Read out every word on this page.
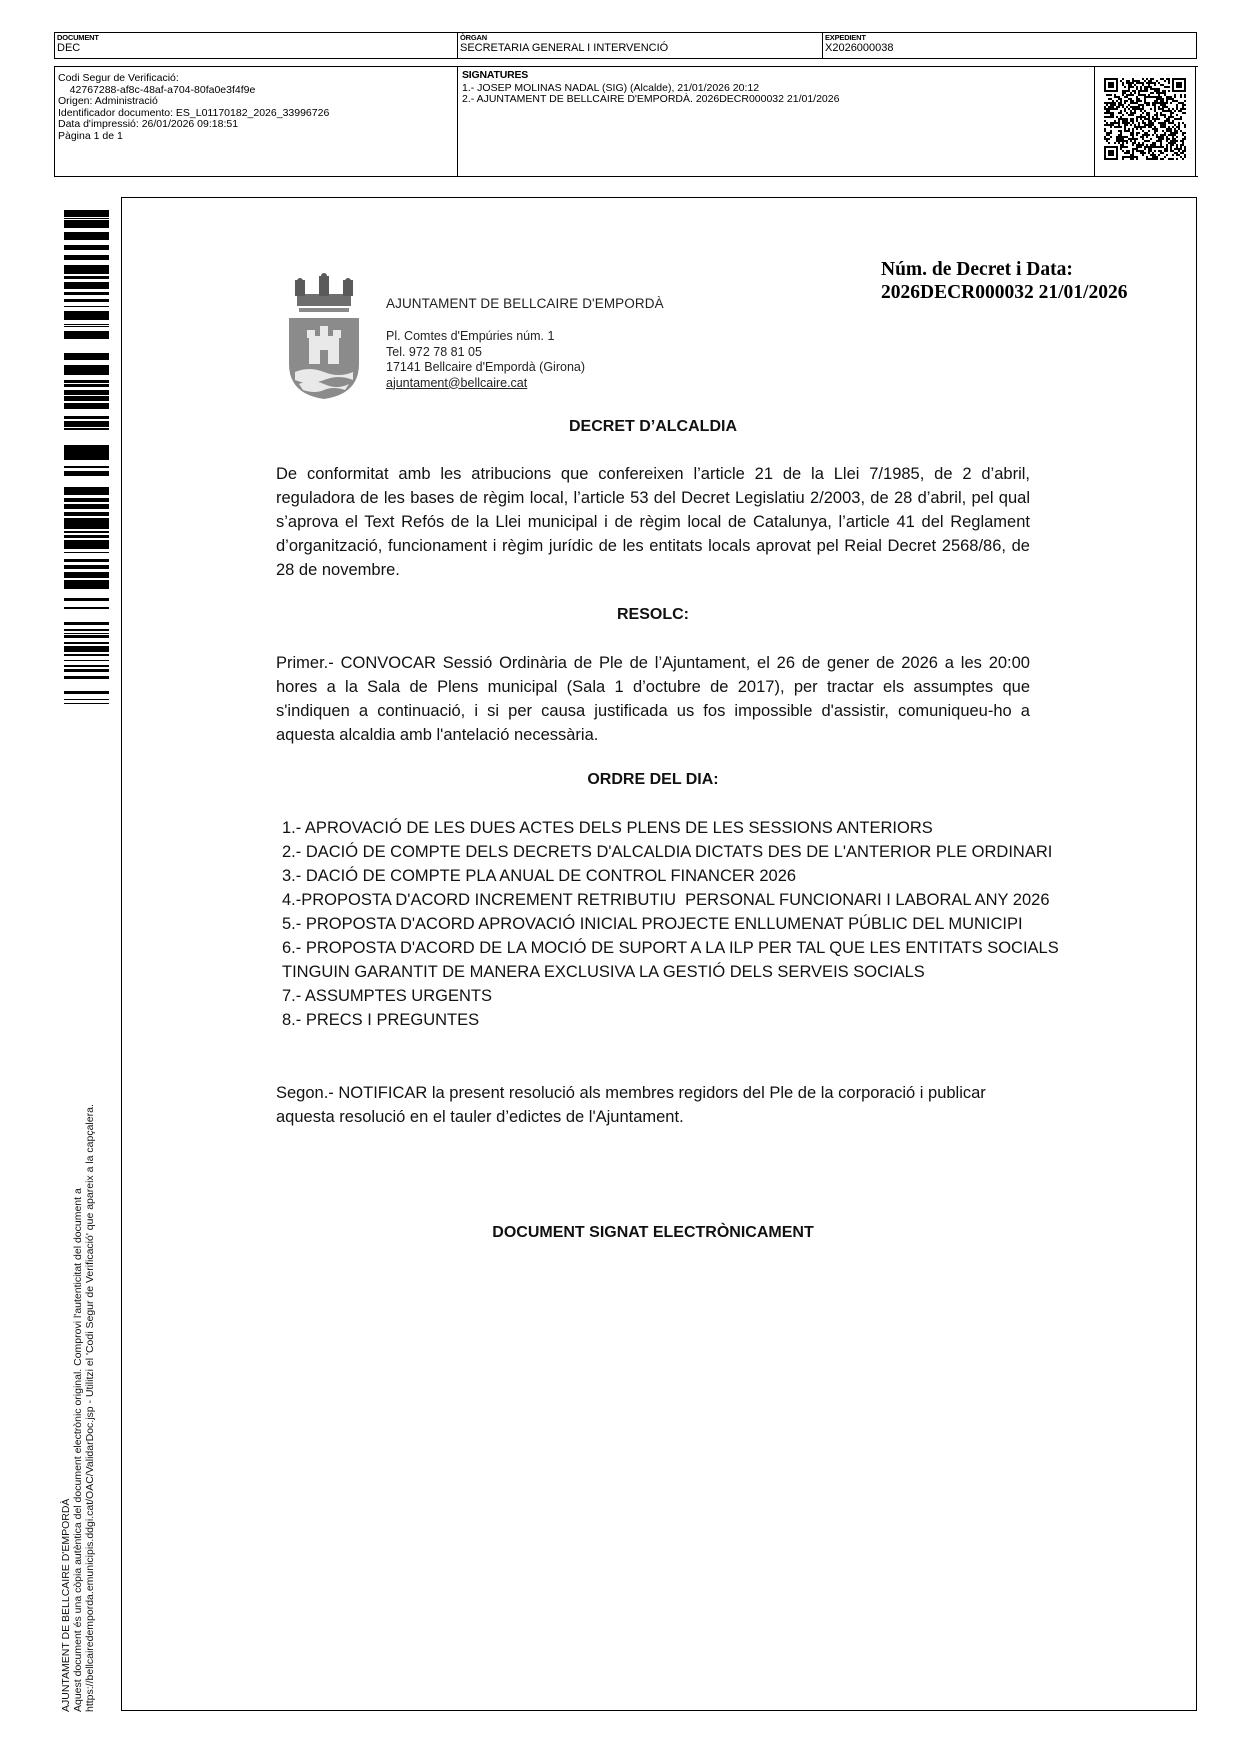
DOCUMENT
DEC
ÒRGAN
SECRETARIA GENERAL I INTERVENCIÓ
EXPEDIENT
X2026000038
Codi Segur de Verificació:
42767288-af8c-48af-a704-80fa0e3f4f9e
Origen: Administració
Identificador documento: ES_L01170182_2026_33996726
Data d'impressió: 26/01/2026 09:18:51
Pàgina 1 de 1
SIGNATURES
1.- JOSEP MOLINAS NADAL (SIG) (Alcalde), 21/01/2026 20:12
2.- AJUNTAMENT DE BELLCAIRE D'EMPORDÀ. 2026DECR000032 21/01/2026
AJUNTAMENT DE BELLCAIRE D'EMPORDÀ Aquest document és una còpia autèntica del document electrònic original. Comprovi l'autenticitat del document a https://bellcairedemporda.emunicipis.ddgi.cat/OAC/ValidarDoc.jsp - Utilitzi el 'Codi Segur de Verificació' que apareix a la capçalera.
AJUNTAMENT DE BELLCAIRE D'EMPORDÀ
Pl. Comtes d'Empúries núm. 1
Tel. 972 78 81 05
17141 Bellcaire d'Empordà (Girona)
ajuntament@bellcaire.cat
Núm. de Decret i Data:
2026DECR000032 21/01/2026
DECRET D’ALCALDIA
De conformitat amb les atribucions que confereixen l’article 21 de la Llei 7/1985, de 2 d’abril, reguladora de les bases de règim local, l’article 53 del Decret Legislatiu 2/2003, de 28 d’abril, pel qual s’aprova el Text Refós de la Llei municipal i de règim local de Catalunya, l’article 41 del Reglament d’organització, funcionament i règim jurídic de les entitats locals aprovat pel Reial Decret 2568/86, de 28 de novembre.
RESOLC:
Primer.- CONVOCAR Sessió Ordinària de Ple de l’Ajuntament, el 26 de gener de 2026 a les 20:00 hores a la Sala de Plens municipal (Sala 1 d’octubre de 2017), per tractar els assumptes que s'indiquen a continuació, i si per causa justificada us fos impossible d'assistir, comuniqueu-ho a aquesta alcaldia amb l'antelació necessària.
ORDRE DEL DIA:
1.- APROVACIÓ DE LES DUES ACTES DELS PLENS DE LES SESSIONS ANTERIORS
2.- DACIÓ DE COMPTE DELS DECRETS D'ALCALDIA DICTATS DES DE L'ANTERIOR PLE ORDINARI
3.- DACIÓ DE COMPTE PLA ANUAL DE CONTROL FINANCER 2026
4.-PROPOSTA D'ACORD INCREMENT RETRIBUTIU  PERSONAL FUNCIONARI I LABORAL ANY 2026
5.- PROPOSTA D'ACORD APROVACIÓ INICIAL PROJECTE ENLLUMENAT PÚBLIC DEL MUNICIPI
6.- PROPOSTA D'ACORD DE LA MOCIÓ DE SUPORT A LA ILP PER TAL QUE LES ENTITATS SOCIALS
TINGUIN GARANTIT DE MANERA EXCLUSIVA LA GESTIÓ DELS SERVEIS SOCIALS
7.- ASSUMPTES URGENTS
8.- PRECS I PREGUNTES
Segon.- NOTIFICAR la present resolució als membres regidors del Ple de la corporació i publicar aquesta resolució en el tauler d’edictes de l'Ajuntament.
DOCUMENT SIGNAT ELECTRÒNICAMENT
